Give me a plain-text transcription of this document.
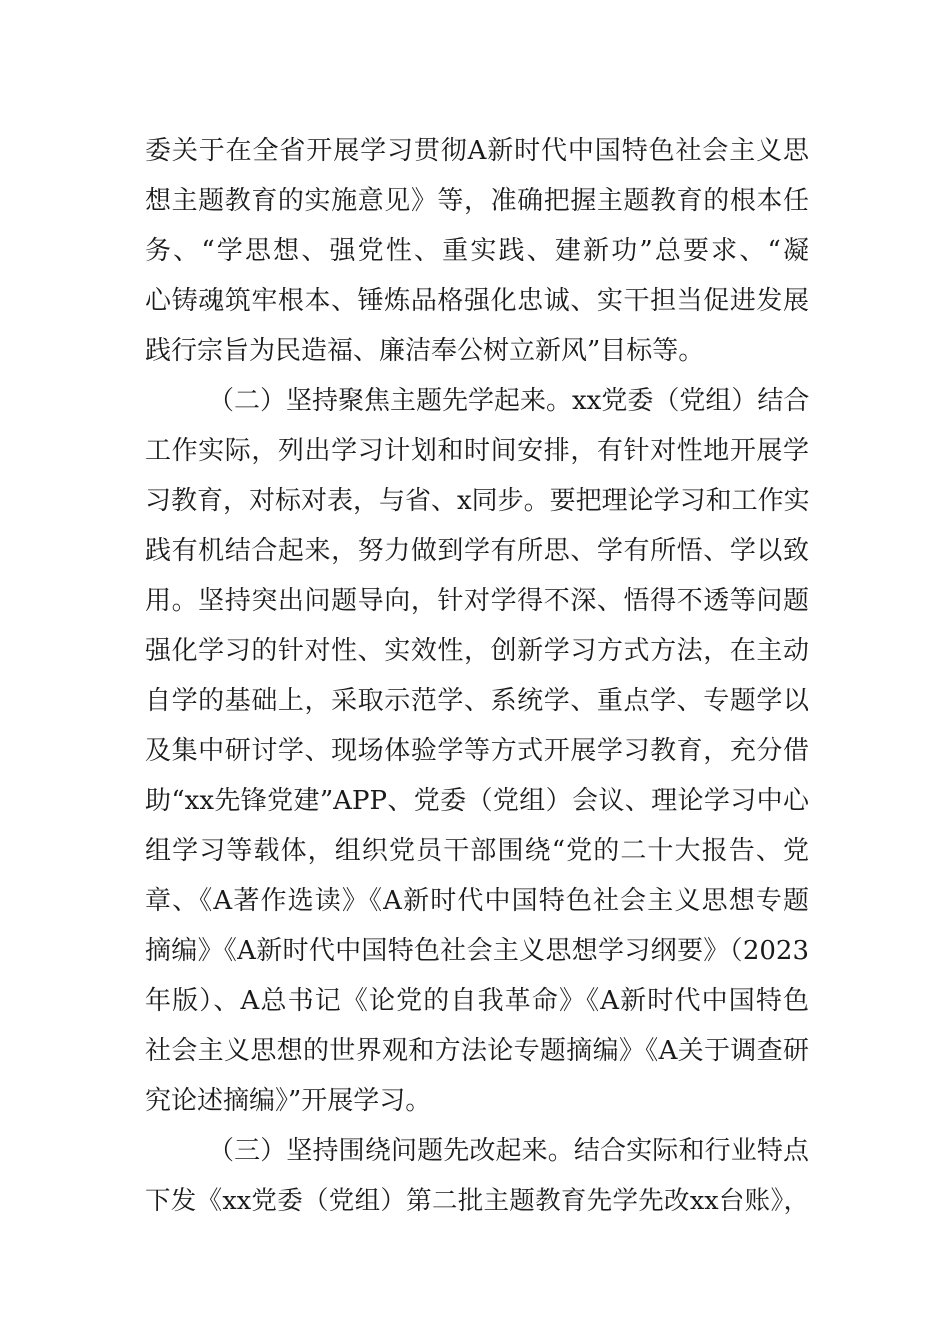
委关于在全省开展学习贯彻A新时代中国特色社会主义思
想主题教育的实施意见》等，准确把握主题教育的根本任
务、“学思想、强党性、重实践、建新功”总要求、“凝
心铸魂筑牢根本、锤炼品格强化忠诚、实干担当促进发展
践行宗旨为民造福、廉洁奉公树立新风”目标等。
（二）坚持聚焦主题先学起来。xx党委（党组）结合
工作实际，列出学习计划和时间安排，有针对性地开展学
习教育，对标对表，与省、x同步。要把理论学习和工作实
践有机结合起来，努力做到学有所思、学有所悟、学以致
用。坚持突出问题导向，针对学得不深、悟得不透等问题
强化学习的针对性、实效性，创新学习方式方法，在主动
自学的基础上，采取示范学、系统学、重点学、专题学以
及集中研讨学、现场体验学等方式开展学习教育，充分借
助“xx先锋党建”APP、党委（党组）会议、理论学习中心
组学习等载体，组织党员干部围绕“党的二十大报告、党
章、《A著作选读》《A新时代中国特色社会主义思想专题
摘编》《A新时代中国特色社会主义思想学习纲要》（2023
年版）、A总书记《论党的自我革命》《A新时代中国特色
社会主义思想的世界观和方法论专题摘编》《A关于调查研
究论述摘编》”开展学习。
（三）坚持围绕问题先改起来。结合实际和行业特点
下发《xx党委（党组）第二批主题教育先学先改xx台账》，
